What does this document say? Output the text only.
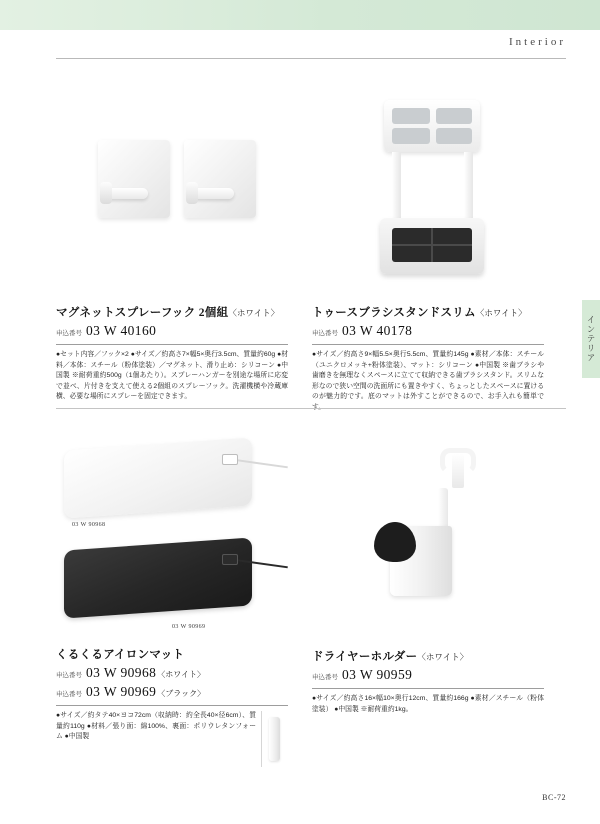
Interior
インテリア
マグネットスプレーフック 2個組〈ホワイト〉
申込番号 03 W 40160
●セット内容／フック×2 ●サイズ／約高さ7×幅5×奥行3.5cm、質量約60g ●材料／本体：スチール（粉体塗装）／マグネット、滑り止め：シリコーン ●中国製 ※耐荷重約500g（1個あたり）。スプレーハンガーを別途な場所に応変で並べ、片付きを支えて使える2個組のスプレーフック。洗濯機横や冷蔵庫横、必要な場所にスプレーを固定できます。
トゥースブラシスタンドスリム〈ホワイト〉
申込番号 03 W 40178
●サイズ／約高さ9×幅5.5×奥行5.5cm、質量約145g ●素材／本体：スチール（ユニクロメッキ+粉体塗装）、マット：シリコーン ●中国製 ※歯ブラシや歯磨きを無理なくスペースに立てて収納できる歯ブラシスタンド。スリムな形なので狭い空間の洗面所にも置きやすく、ちょっとしたスペースに置けるのが魅力的です。底のマットは外すことができるので、お手入れも簡単で
03 W 90968
03 W 90969
くるくるアイロンマット
申込番号 03 W 90968 〈ホワイト〉
申込番号 03 W 90969 〈ブラック〉
●サイズ／約タテ40×ヨコ72cm（収納時：約全長40×径6cm）、質量約110g ●材料／張り面：綿100%、裏面：ポリウレタンフォーム ●中国製
ドライヤーホルダー〈ホワイト〉
申込番号 03 W 90959
●サイズ／約高さ16×幅10×奥行12cm、質量約166g ●素材／スチール（粉体塗装） ●中国製 ※耐荷重約1kg。
BC-72
